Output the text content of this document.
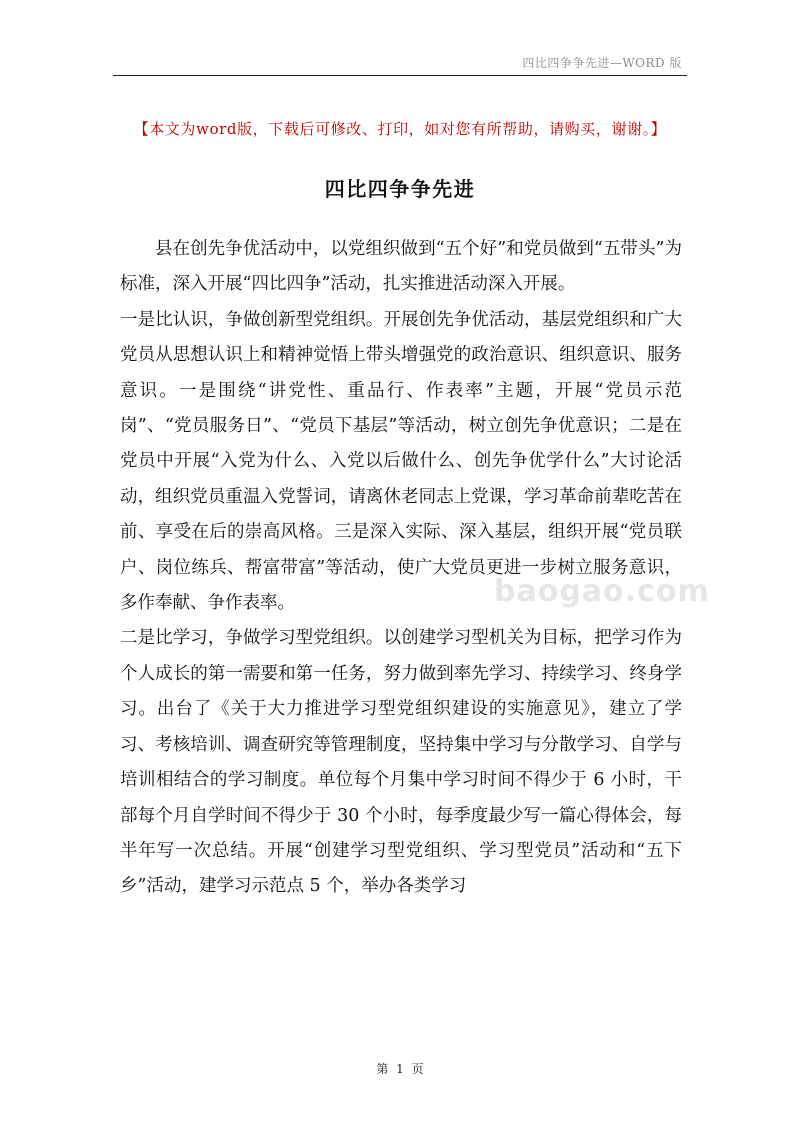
四比四争争先进—WORD 版
【本文为word版，下载后可修改、打印，如对您有所帮助，请购买，谢谢。】
四比四争争先进

县在创先争优活动中，以党组织做到“五个好”和党员做到“五带头”为标准，深入开展“四比四争”活动，扎实推进活动深入开展。

一是比认识，争做创新型党组织。开展创先争优活动，基层党组织和广大党员从思想认识上和精神觉悟上带头增强党的政治意识、组织意识、服务意识。一是围绕“讲党性、重品行、作表率”主题，开展“党员示范岗”、“党员服务日”、“党员下基层”等活动，树立创先争优意识；二是在党员中开展“入党为什么、入党以后做什么、创先争优学什么”大讨论活动，组织党员重温入党誓词，请离休老同志上党课，学习革命前辈吃苦在前、享受在后的崇高风格。三是深入实际、深入基层，组织开展“党员联户、岗位练兵、帮富带富”等活动，使广大党员更进一步树立服务意识，多作奉献、争作表率。

二是比学习，争做学习型党组织。以创建学习型机关为目标，把学习作为个人成长的第一需要和第一任务，努力做到率先学习、持续学习、终身学习。出台了《关于大力推进学习型党组织建设的实施意见》，建立了学习、考核培训、调查研究等管理制度，坚持集中学习与分散学习、自学与培训相结合的学习制度。单位每个月集中学习时间不得少于 6 小时，干部每个月自学时间不得少于 30 个小时，每季度最少写一篇心得体会，每半年写一次总结。开展“创建学习型党组织、学习型党员”活动和“五下乡”活动，建学习示范点 5 个，举办各类学习

baogao.com
第 1 页
